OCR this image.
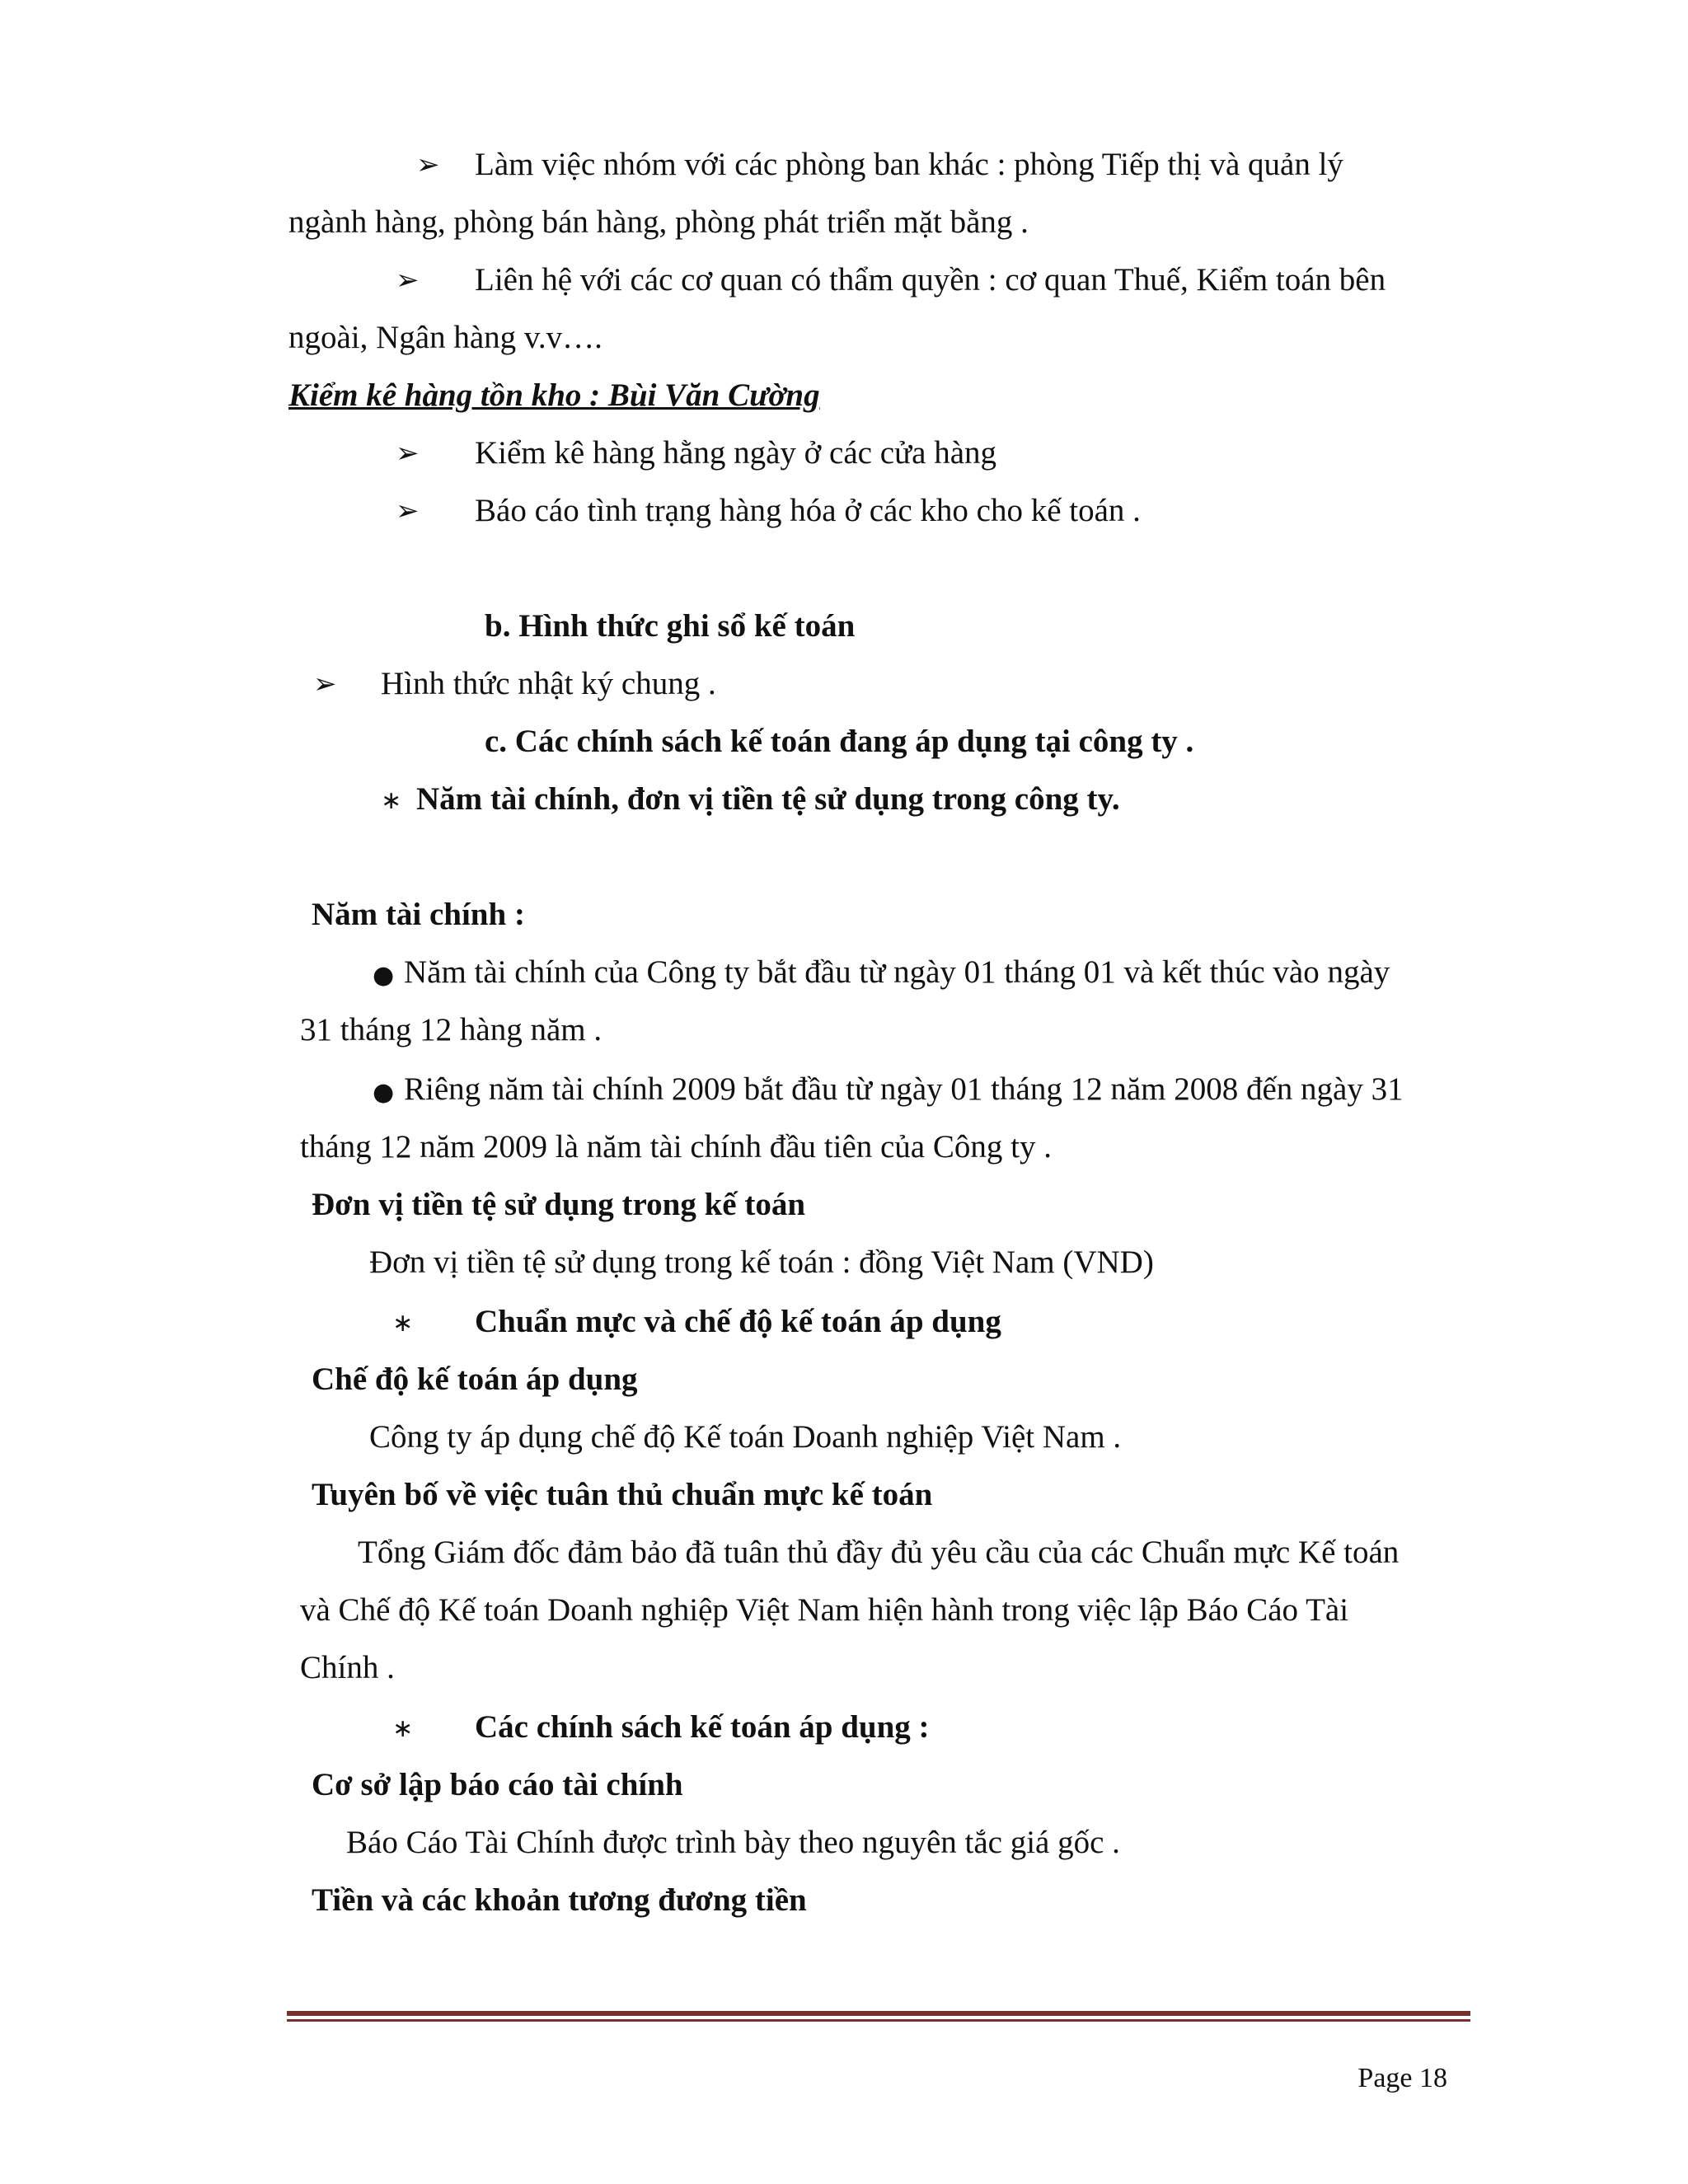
➢ Làm việc nhóm với các phòng ban khác : phòng Tiếp thị và quản lý
ngành hàng, phòng bán hàng, phòng phát triển mặt bằng .
➢ Liên hệ với các cơ quan có thẩm quyền : cơ quan Thuế, Kiểm toán bên
ngoài, Ngân hàng v.v….
Kiểm kê hàng tồn kho : Bùi Văn Cường
➢ Kiểm kê hàng hằng ngày ở các cửa hàng
➢ Báo cáo tình trạng hàng hóa ở các kho cho kế toán .
b. Hình thức ghi sổ kế toán
➢ Hình thức nhật ký chung .
c. Các chính sách kế toán đang áp dụng tại công ty .
∗ Năm tài chính, đơn vị tiền tệ sử dụng trong công ty.
Năm tài chính :
● Năm tài chính của Công ty bắt đầu từ ngày 01 tháng 01 và kết thúc vào ngày
31 tháng 12 hàng năm .
● Riêng năm tài chính 2009 bắt đầu từ ngày 01 tháng 12 năm 2008 đến ngày 31
tháng 12 năm 2009 là năm tài chính đầu tiên của Công ty .
Đơn vị tiền tệ sử dụng trong kế toán
Đơn vị tiền tệ sử dụng trong kế toán : đồng Việt Nam (VND)
∗ Chuẩn mực và chế độ kế toán áp dụng
Chế độ kế toán áp dụng
Công ty áp dụng chế độ Kế toán Doanh nghiệp Việt Nam .
Tuyên bố về việc tuân thủ chuẩn mực kế toán
Tổng Giám đốc đảm bảo đã tuân thủ đầy đủ yêu cầu của các Chuẩn mực Kế toán
và Chế độ Kế toán Doanh nghiệp Việt Nam hiện hành trong việc lập Báo Cáo Tài
Chính .
∗ Các chính sách kế toán áp dụng :
Cơ sở lập báo cáo tài chính
Báo Cáo Tài Chính được trình bày theo nguyên tắc giá gốc .
Tiền và các khoản tương đương tiền
Page 18
